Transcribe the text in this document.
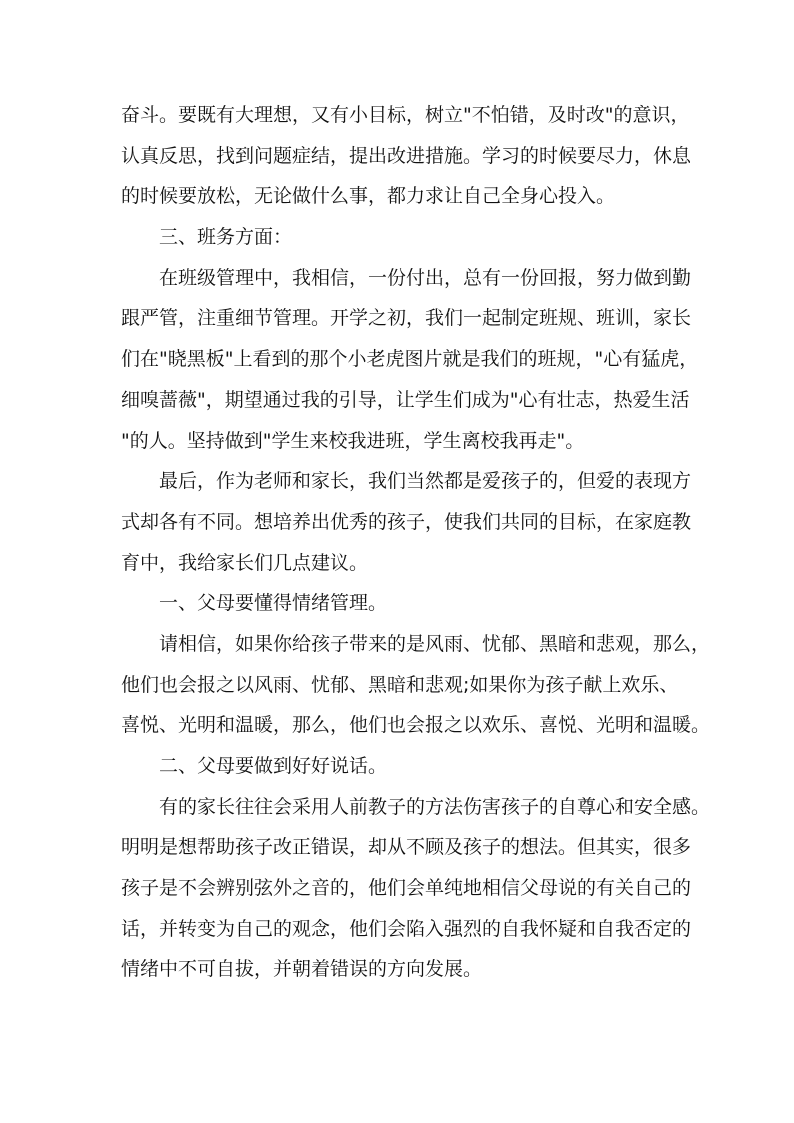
奋斗。要既有大理想，又有小目标，树立"不怕错，及时改"的意识，
认真反思，找到问题症结，提出改进措施。学习的时候要尽力，休息
的时候要放松，无论做什么事，都力求让自己全身心投入。
三、班务方面：
在班级管理中，我相信，一份付出，总有一份回报，努力做到勤
跟严管，注重细节管理。开学之初，我们一起制定班规、班训，家长
们在"晓黑板"上看到的那个小老虎图片就是我们的班规，"心有猛虎，
细嗅蔷薇"，期望通过我的引导，让学生们成为"心有壮志，热爱生活
"的人。坚持做到"学生来校我进班，学生离校我再走"。
最后，作为老师和家长，我们当然都是爱孩子的，但爱的表现方
式却各有不同。想培养出优秀的孩子，使我们共同的目标，在家庭教
育中，我给家长们几点建议。
一、父母要懂得情绪管理。
请相信，如果你给孩子带来的是风雨、忧郁、黑暗和悲观，那么，
他们也会报之以风雨、忧郁、黑暗和悲观;如果你为孩子献上欢乐、
喜悦、光明和温暖，那么，他们也会报之以欢乐、喜悦、光明和温暖。
二、父母要做到好好说话。
有的家长往往会采用人前教子的方法伤害孩子的自尊心和安全感。
明明是想帮助孩子改正错误，却从不顾及孩子的想法。但其实，很多
孩子是不会辨别弦外之音的，他们会单纯地相信父母说的有关自己的
话，并转变为自己的观念，他们会陷入强烈的自我怀疑和自我否定的
情绪中不可自拔，并朝着错误的方向发展。
